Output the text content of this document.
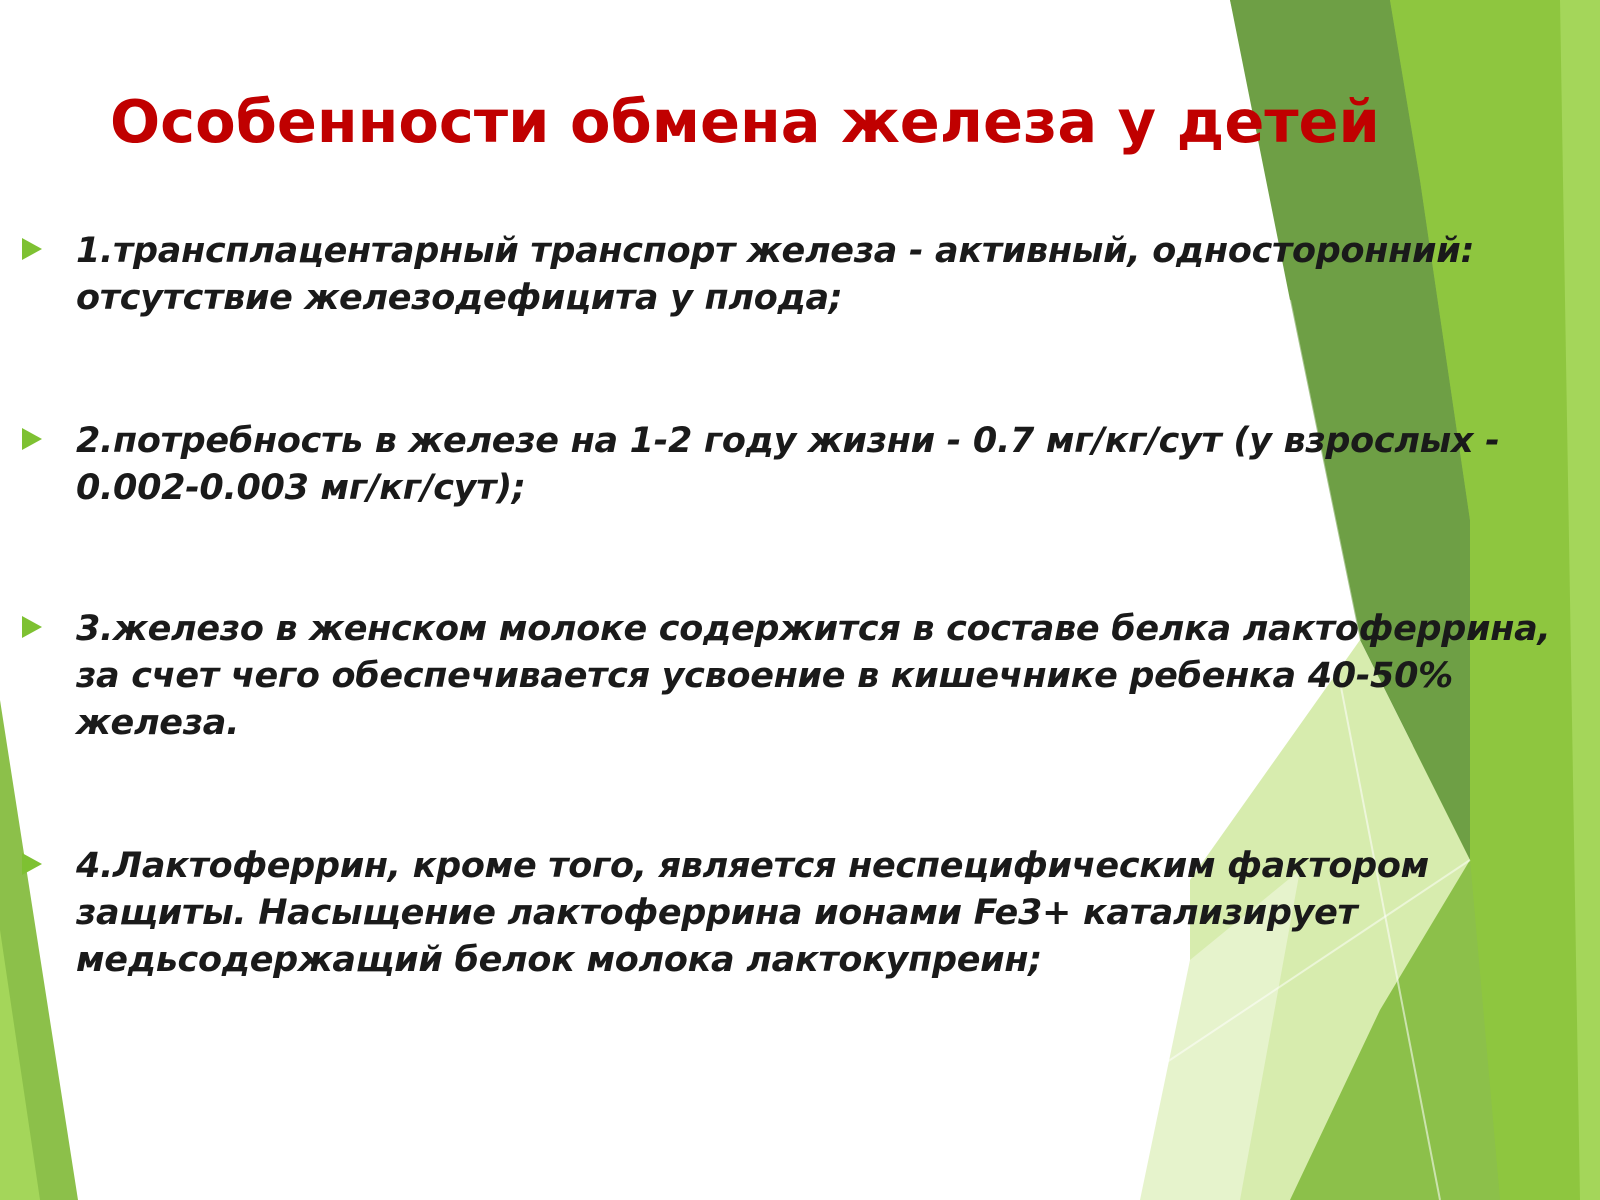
Особенности обмена железа у детей
1.трансплацентарный транспорт железа - активный, односторонний: отсутствие железодефицита у плода;
2.потребность в железе на 1-2 году жизни - 0.7 мг/кг/сут (у взрослых - 0.002-0.003 мг/кг/сут);
3.железо в женском молоке содержится в составе белка лактоферрина, за счет чего обеспечивается усвоение в кишечнике ребенка 40-50% железа.
4.Лактоферрин, кроме того, является неспецифическим фактором защиты. Насыщение лактоферрина ионами Fe3+ катализирует медьсодержащий белок молока лактокупреин;
